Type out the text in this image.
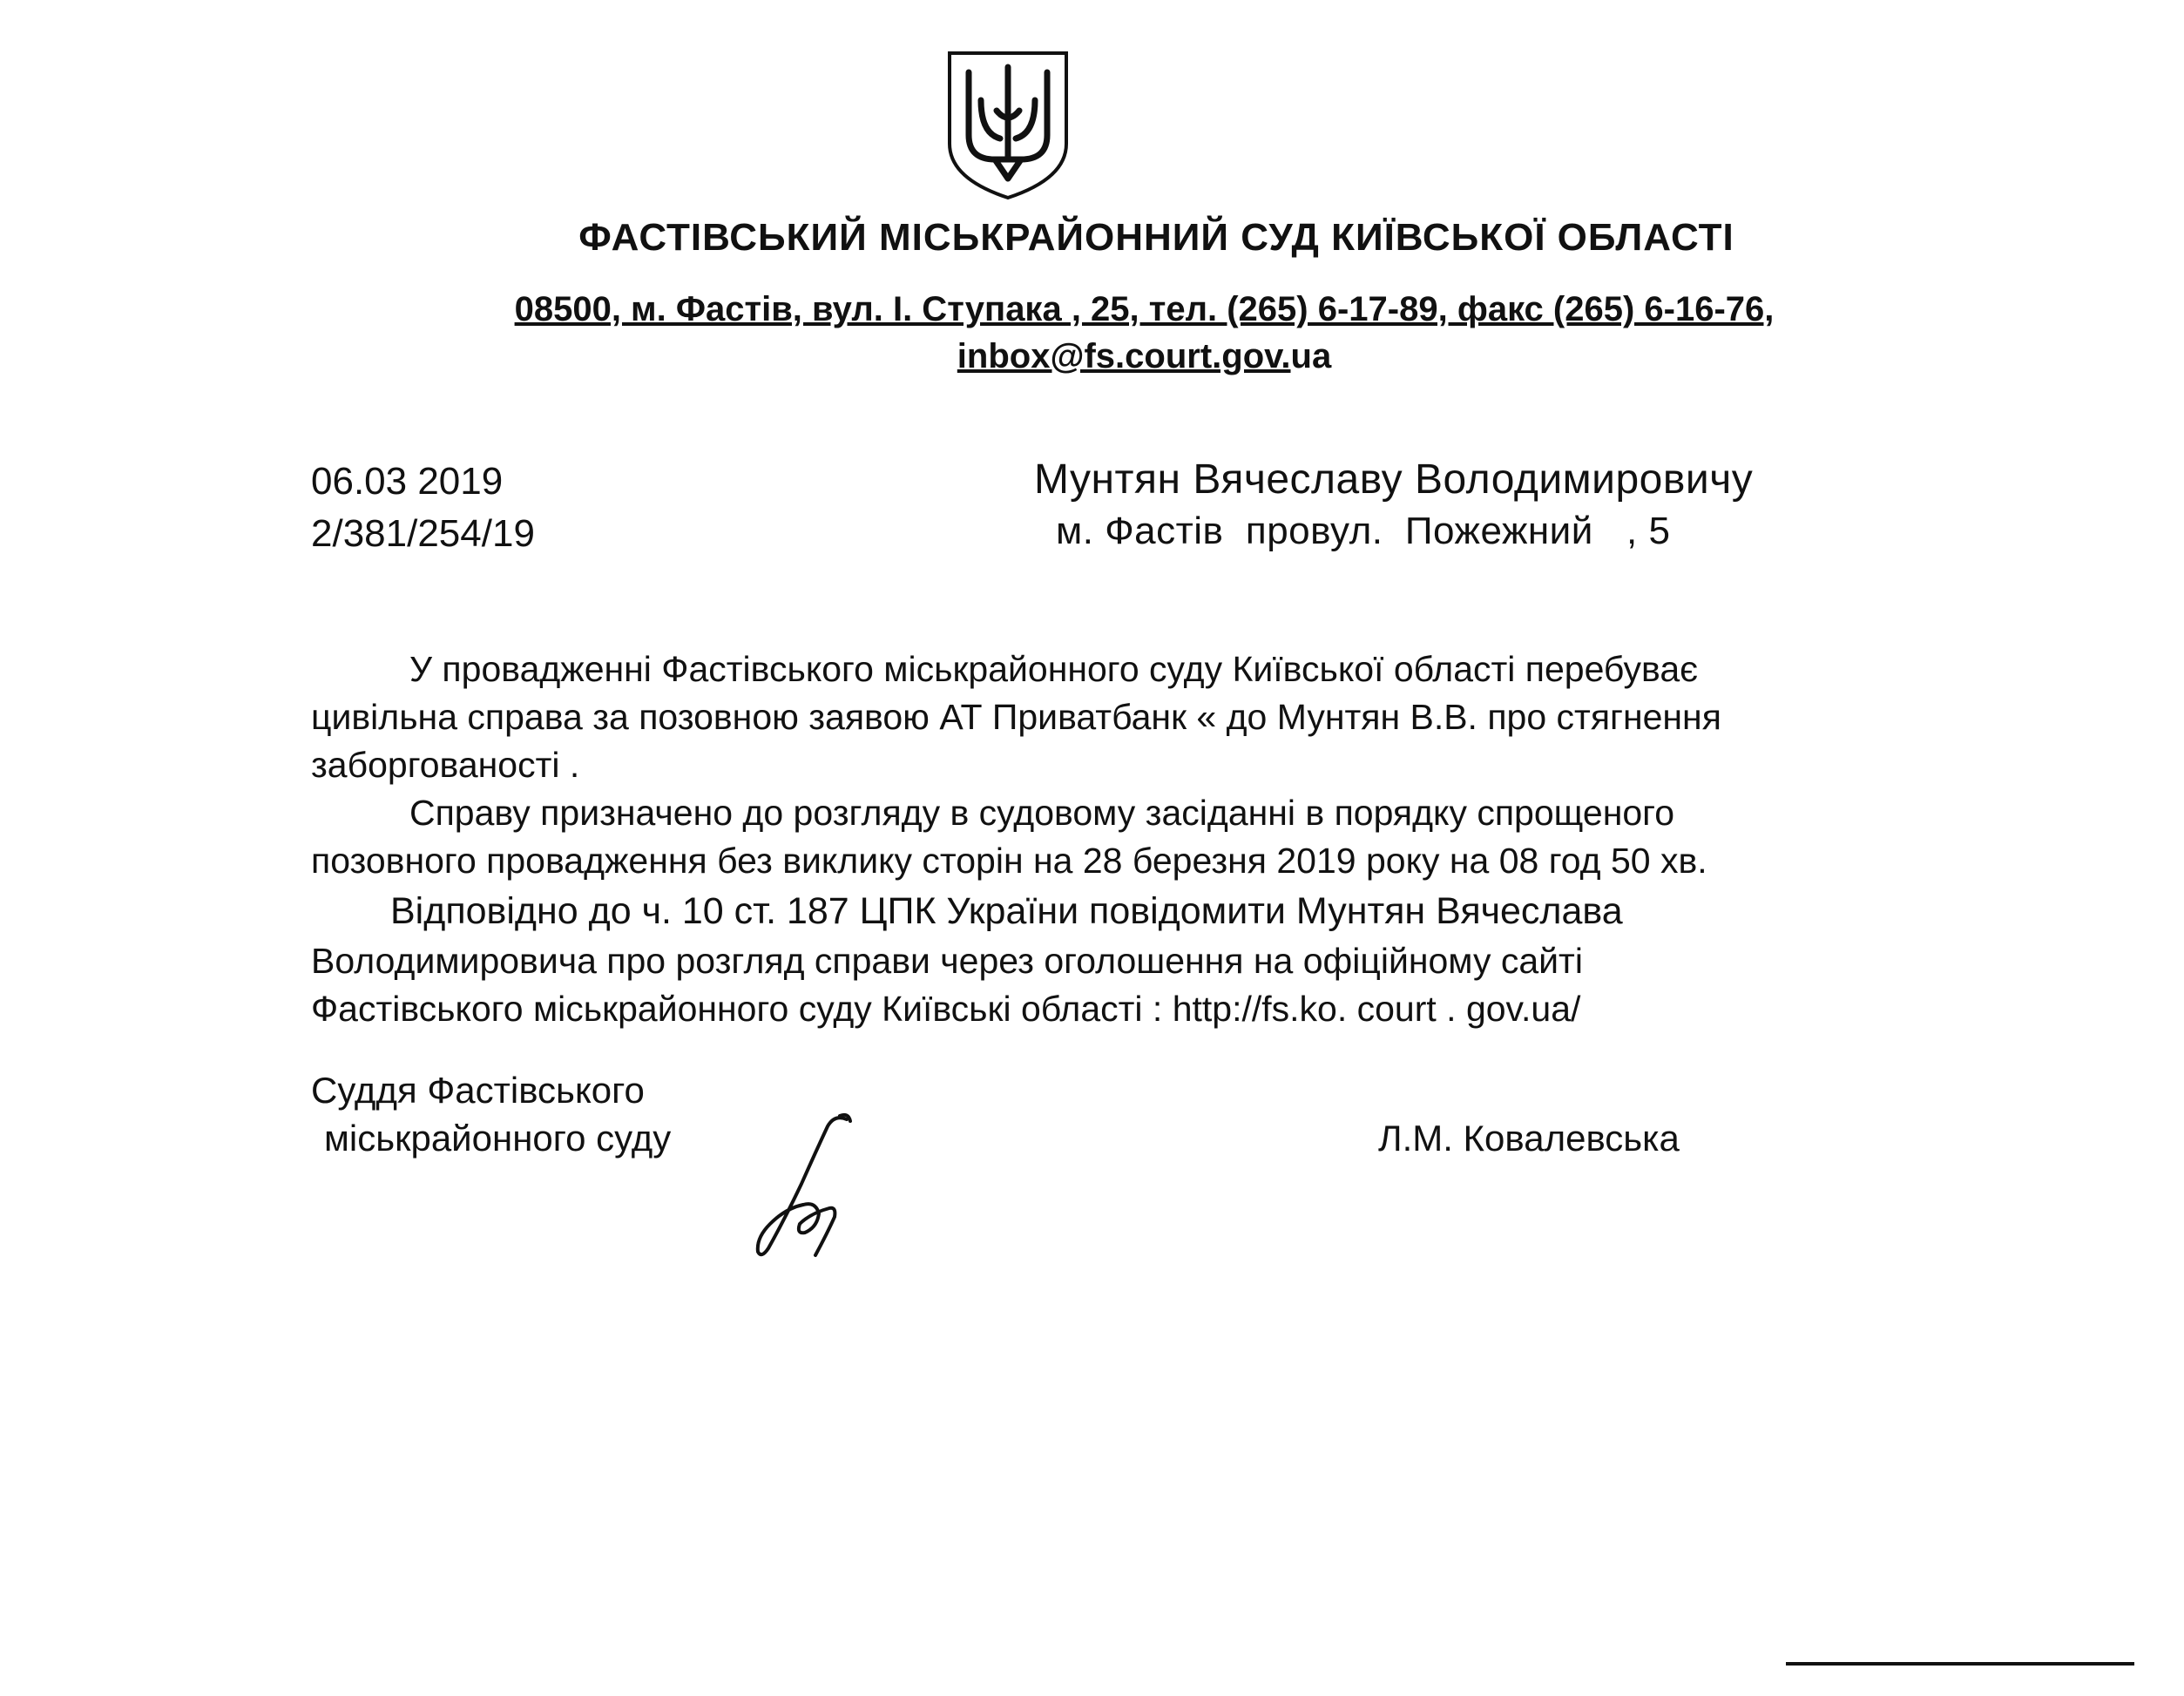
ФАСТІВСЬКИЙ МІСЬКРАЙОННИЙ СУД КИЇВСЬКОЇ ОБЛАСТІ
08500, м. Фастів, вул. І. Ступака , 25, тел. (265) 6-17-89, факс (265) 6-16-76,
inbox@fs.court.gov.ua
06.03 2019
2/381/254/19
Мунтян Вячеславу Володимировичу
м. Фастів  провул.  Пожежний   , 5
У провадженні Фастівського міськрайонного суду Київської області перебуває
цивільна справа за позовною заявою АТ Приватбанк « до Мунтян В.В. про стягнення
заборгованості .
Справу призначено до розгляду в судовому засіданні в порядку спрощеного
позовного провадження без виклику сторін на 28 березня 2019 року на 08 год 50 хв.
Відповідно до ч. 10 ст. 187 ЦПК України повідомити Мунтян Вячеслава
Володимировича про розгляд справи через оголошення на офіційному сайті
Фастівського міськрайонного суду Київські області : http://fs.ko. court . gov.ua/
Суддя Фастівського
міськрайонного суду	Л.М. Ковалевська
